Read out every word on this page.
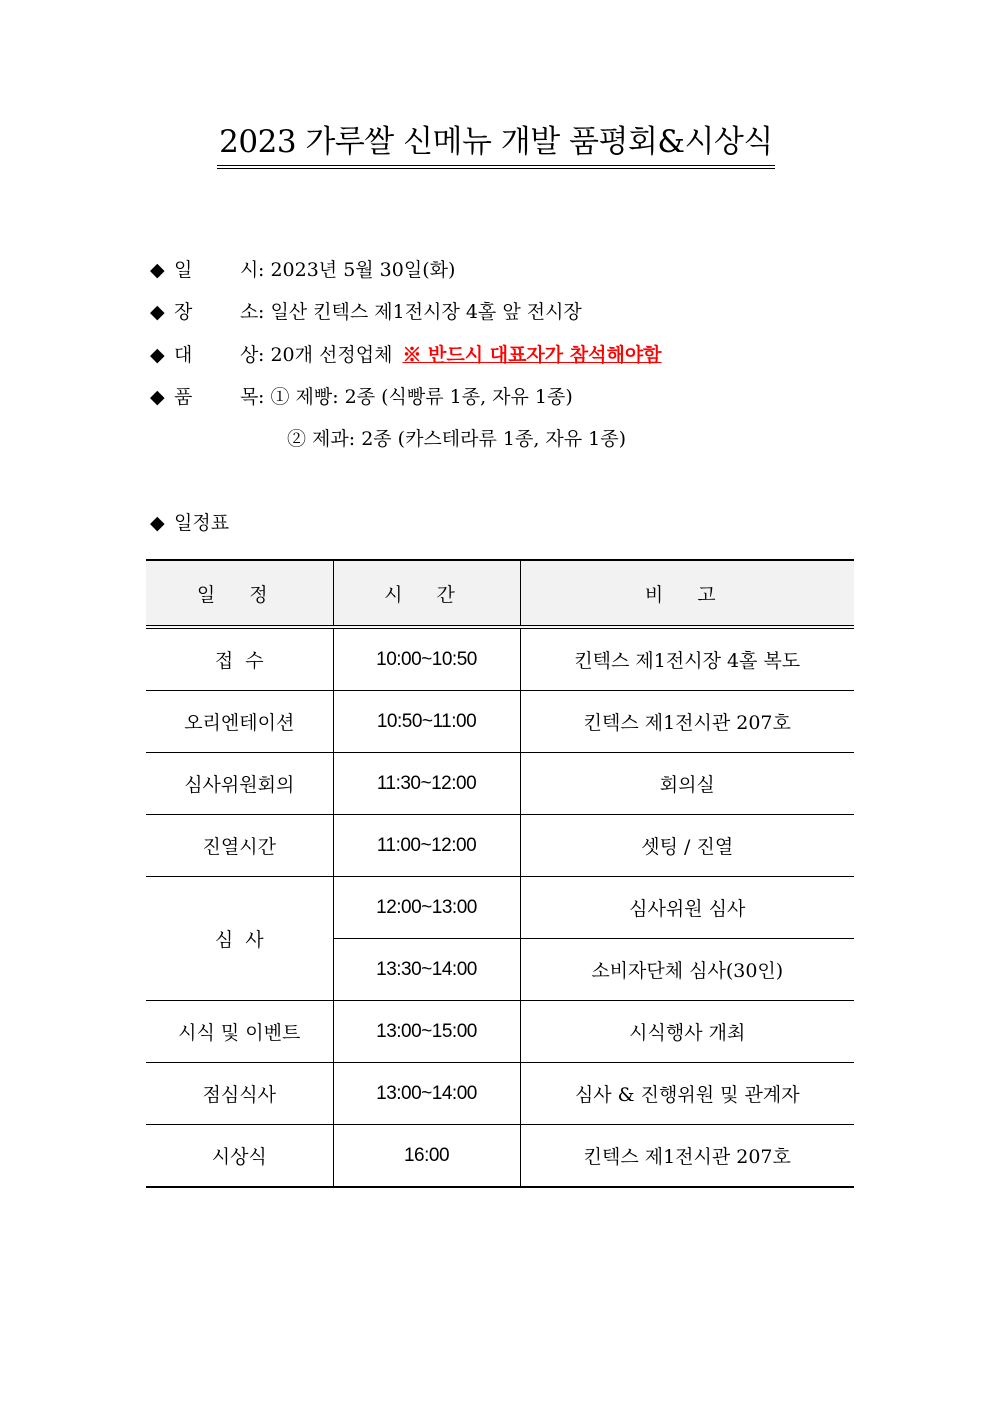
2023 가루쌀 신메뉴 개발 품평회&시상식
◆ 일	시: 2023년 5월 30일(화)
◆ 장	소: 일산 킨텍스 제1전시장 4홀 앞 전시장
◆ 대	상: 20개 선정업체 ※ 반드시 대표자가 참석해야함
◆ 품	목: ① 제빵: 2종 (식빵류 1종, 자유 1종)
② 제과: 2종 (카스테라류 1종, 자유 1종)
◆ 일정표
일 정	시 간	비 고
접  수	10:00~10:50	킨텍스 제1전시장 4홀 복도
오리엔테이션	10:50~11:00	킨텍스 제1전시관 207호
심사위원회의	11:30~12:00	회의실
진열시간	11:00~12:00	셋팅 / 진열
심  사	12:00~13:00	심사위원 심사
	13:30~14:00	소비자단체 심사(30인)
시식 및 이벤트	13:00~15:00	시식행사 개최
점심식사	13:00~14:00	심사 & 진행위원 및 관계자
시상식	16:00	킨텍스 제1전시관 207호
